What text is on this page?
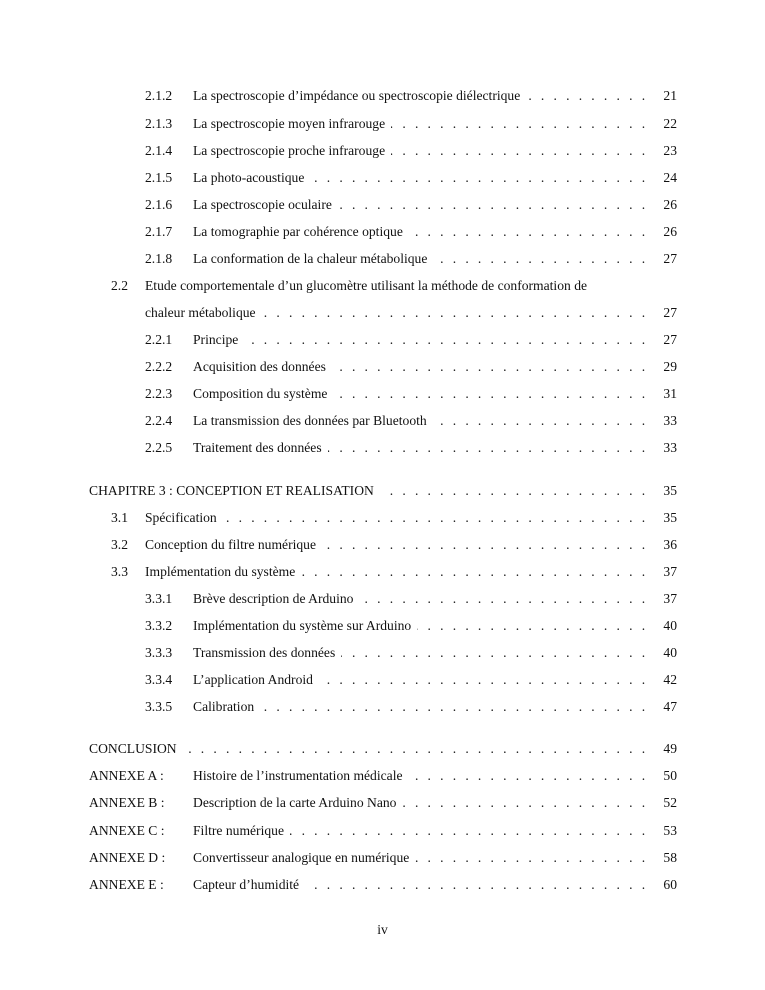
2.1.2 La spectroscopie d’impédance ou spectroscopie diélectrique . . .	21
2.1.3 La spectroscopie moyen infrarouge . . .	22
2.1.4 La spectroscopie proche infrarouge . . .	23
2.1.5 La photo-acoustique . . .	24
2.1.6 La spectroscopie oculaire . . .	26
2.1.7 La tomographie par cohérence optique . . .	26
2.1.8 La conformation de la chaleur métabolique . . .	27
2.2 Etude comportementale d’un glucomètre utilisant la méthode de conformation de
chaleur métabolique . . .	27
2.2.1 Principe . . .	27
2.2.2 Acquisition des données . . .	29
2.2.3 Composition du système . . .	31
2.2.4 La transmission des données par Bluetooth . . .	33
2.2.5 Traitement des données . . .	33
CHAPITRE 3 : CONCEPTION ET REALISATION . . .	35
3.1 Spécification . . .	35
3.2 Conception du filtre numérique . . .	36
3.3 Implémentation du système . . .	37
3.3.1 Brève description de Arduino . . .	37
3.3.2 Implémentation du système sur Arduino . . .	40
3.3.3 Transmission des données . . .	40
3.3.4 L’application Android . . .	42
3.3.5 Calibration . . .	47
CONCLUSION . . .	49
ANNEXE A : Histoire de l’instrumentation médicale . . .	50
ANNEXE B : Description de la carte Arduino Nano . . .	52
ANNEXE C : Filtre numérique . . .	53
ANNEXE D : Convertisseur analogique en numérique . . .	58
ANNEXE E : Capteur d’humidité . . .	60
iv
